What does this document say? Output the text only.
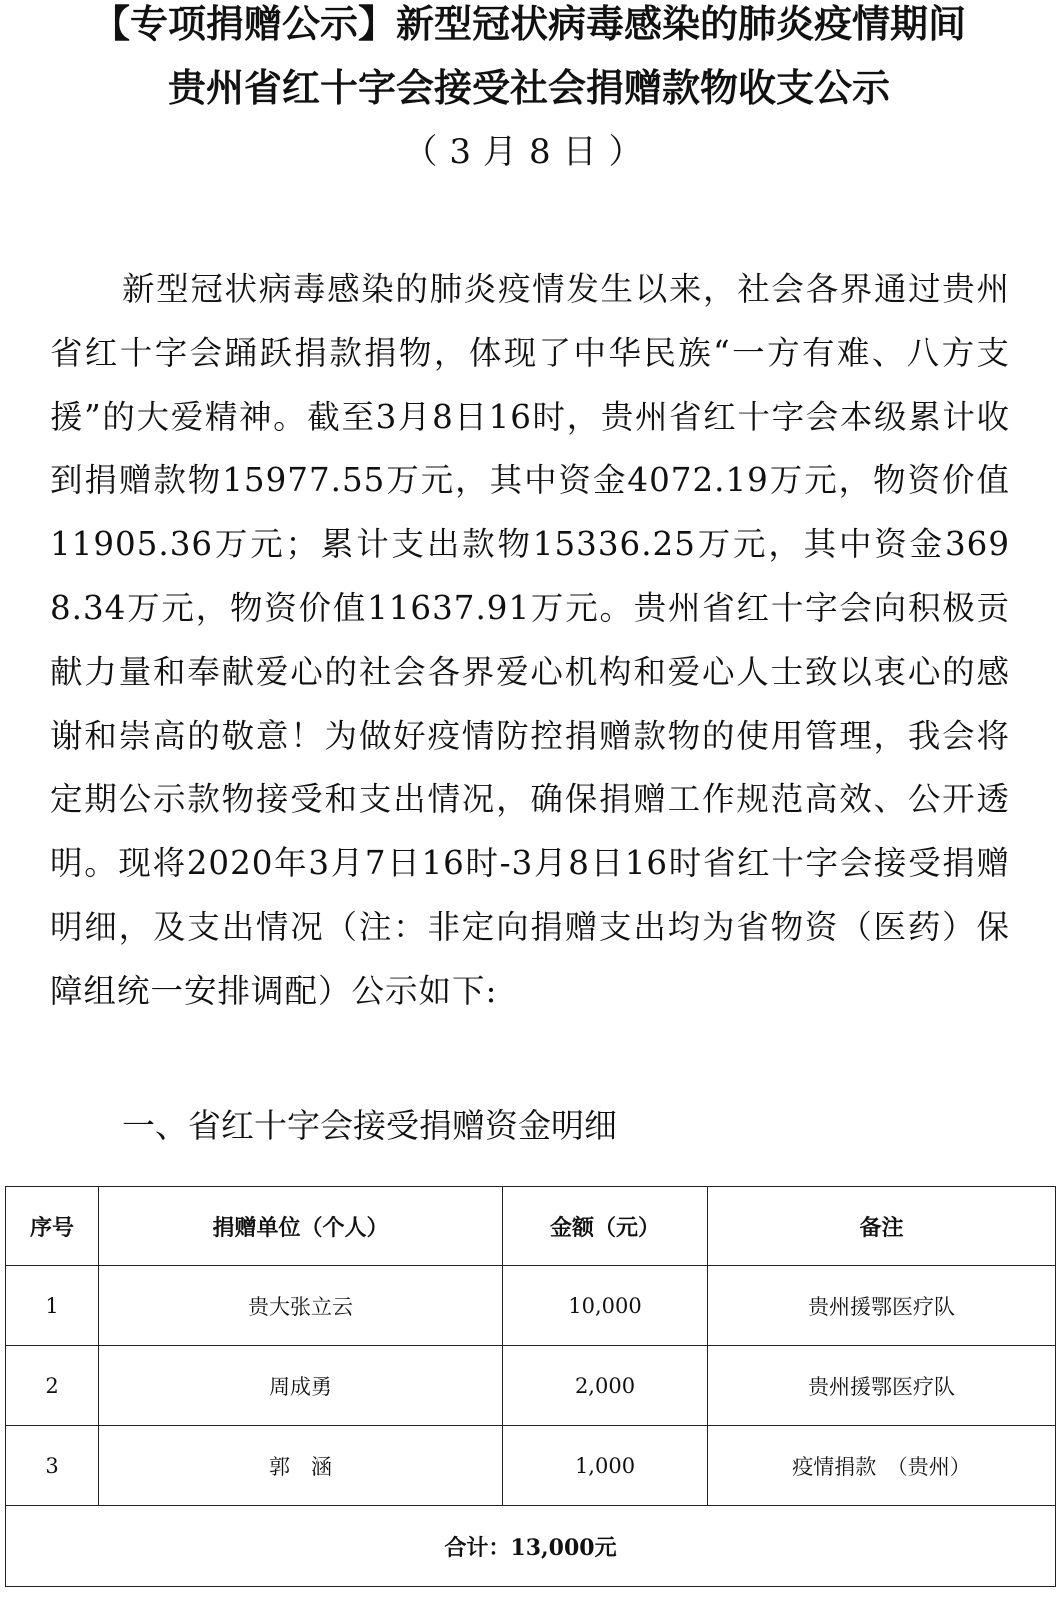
【专项捐赠公示】新型冠状病毒感染的肺炎疫情期间
贵州省红十字会接受社会捐赠款物收支公示
（3月8日）
新型冠状病毒感染的肺炎疫情发生以来，社会各界通过贵州省红十字会踊跃捐款捐物，体现了中华民族“一方有难、八方支援”的大爱精神。截至3月8日16时，贵州省红十字会本级累计收到捐赠款物15977.55万元，其中资金4072.19万元，物资价值11905.36万元；累计支出款物15336.25万元，其中资金3698.34万元，物资价值11637.91万元。贵州省红十字会向积极贡献力量和奉献爱心的社会各界爱心机构和爱心人士致以衷心的感谢和崇高的敬意！为做好疫情防控捐赠款物的使用管理，我会将定期公示款物接受和支出情况，确保捐赠工作规范高效、公开透明。现将2020年3月7日16时-3月8日16时省红十字会接受捐赠明细，及支出情况（注：非定向捐赠支出均为省物资（医药）保障组统一安排调配）公示如下:
一、省红十字会接受捐赠资金明细
序号	捐赠单位（个人）	金额（元）	备注
1	贵大张立云	10,000	贵州援鄂医疗队
2	周成勇	2,000	贵州援鄂医疗队
3	郭　涵	1,000	疫情捐款　（贵州）
合计：13,000元			
